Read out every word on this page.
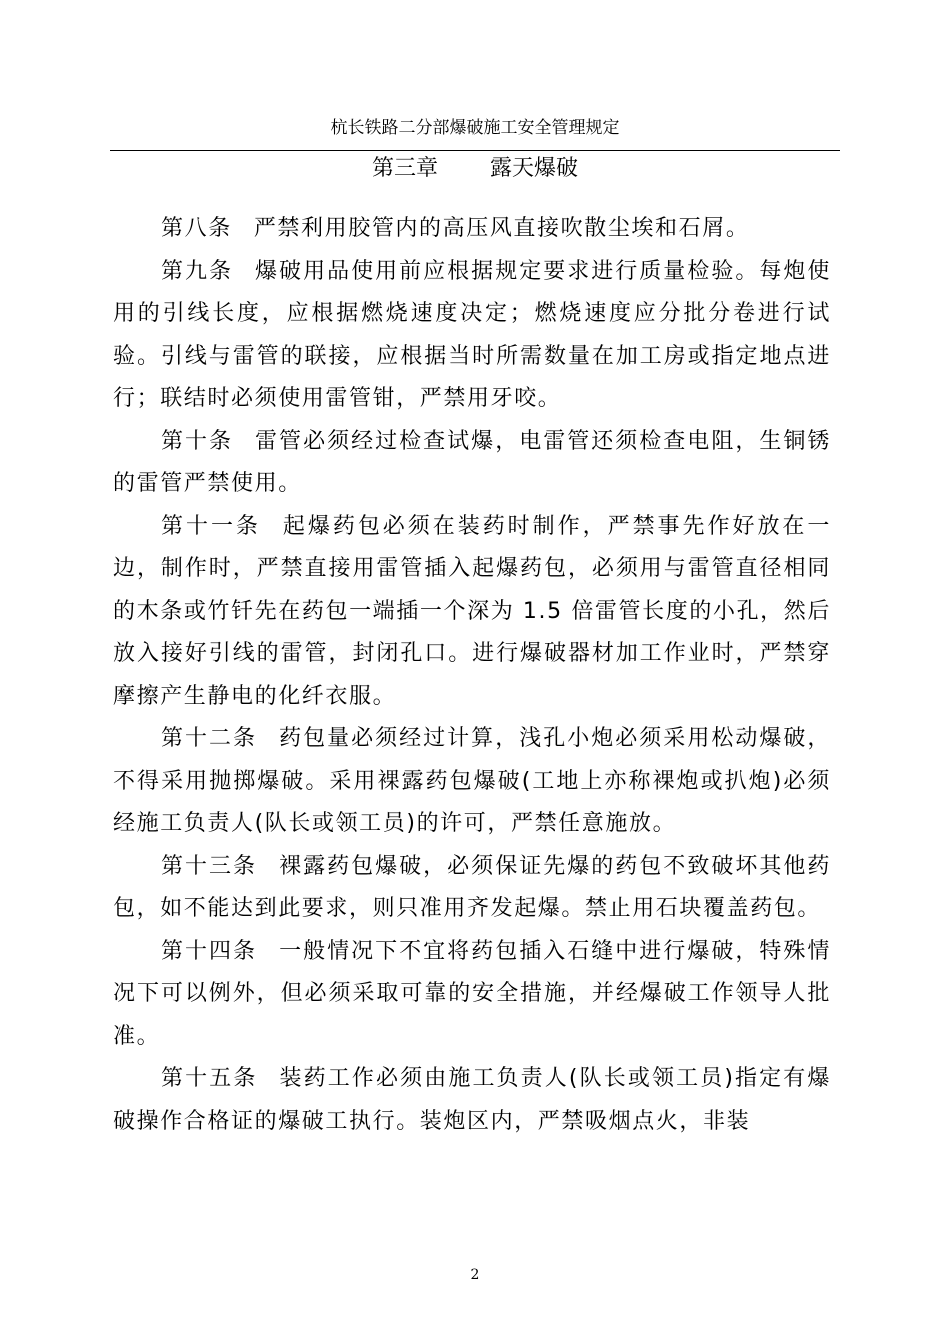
杭长铁路二分部爆破施工安全管理规定
第三章 露天爆破

第八条 严禁利用胶管内的高压风直接吹散尘埃和石屑。

第九条 爆破用品使用前应根据规定要求进行质量检验。每炮使用的引线长度，应根据燃烧速度决定；燃烧速度应分批分卷进行试验。引线与雷管的联接，应根据当时所需数量在加工房或指定地点进行；联结时必须使用雷管钳，严禁用牙咬。

第十条 雷管必须经过检查试爆，电雷管还须检查电阻，生铜锈的雷管严禁使用。

第十一条 起爆药包必须在装药时制作，严禁事先作好放在一边，制作时，严禁直接用雷管插入起爆药包，必须用与雷管直径相同的木条或竹钎先在药包一端插一个深为 1.5 倍雷管长度的小孔，然后放入接好引线的雷管，封闭孔口。进行爆破器材加工作业时，严禁穿摩擦产生静电的化纤衣服。

第十二条 药包量必须经过计算，浅孔小炮必须采用松动爆破，不得采用抛掷爆破。采用裸露药包爆破(工地上亦称裸炮或扒炮)必须经施工负责人(队长或领工员)的许可，严禁任意施放。

第十三条 裸露药包爆破，必须保证先爆的药包不致破坏其他药包，如不能达到此要求，则只准用齐发起爆。禁止用石块覆盖药包。

第十四条 一般情况下不宜将药包插入石缝中进行爆破，特殊情况下可以例外，但必须采取可靠的安全措施，并经爆破工作领导人批准。

第十五条 装药工作必须由施工负责人(队长或领工员)指定有爆破操作合格证的爆破工执行。装炮区内，严禁吸烟点火，非装

2
